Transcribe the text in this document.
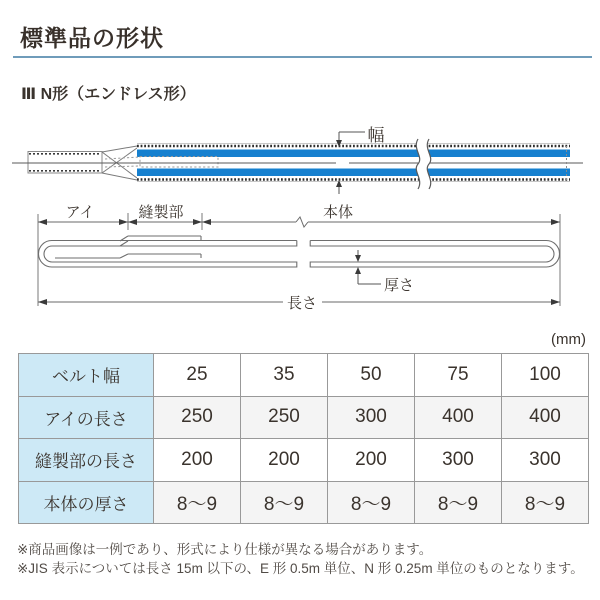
標準品の形状
Ⅲ N形（エンドレス形）
幅
アイ	縫製部	本体
厚さ
長さ
(mm)
ベルト幅	25	35	50	75	100
アイの長さ	250	250	300	400	400
縫製部の長さ	200	200	200	300	300
本体の厚さ	8～9	8～9	8～9	8～9	8～9
※商品画像は一例であり、形式により仕様が異なる場合があります。
※JIS 表示については長さ 15m 以下の、E 形 0.5m 単位、N 形 0.25m 単位のものとなります。
